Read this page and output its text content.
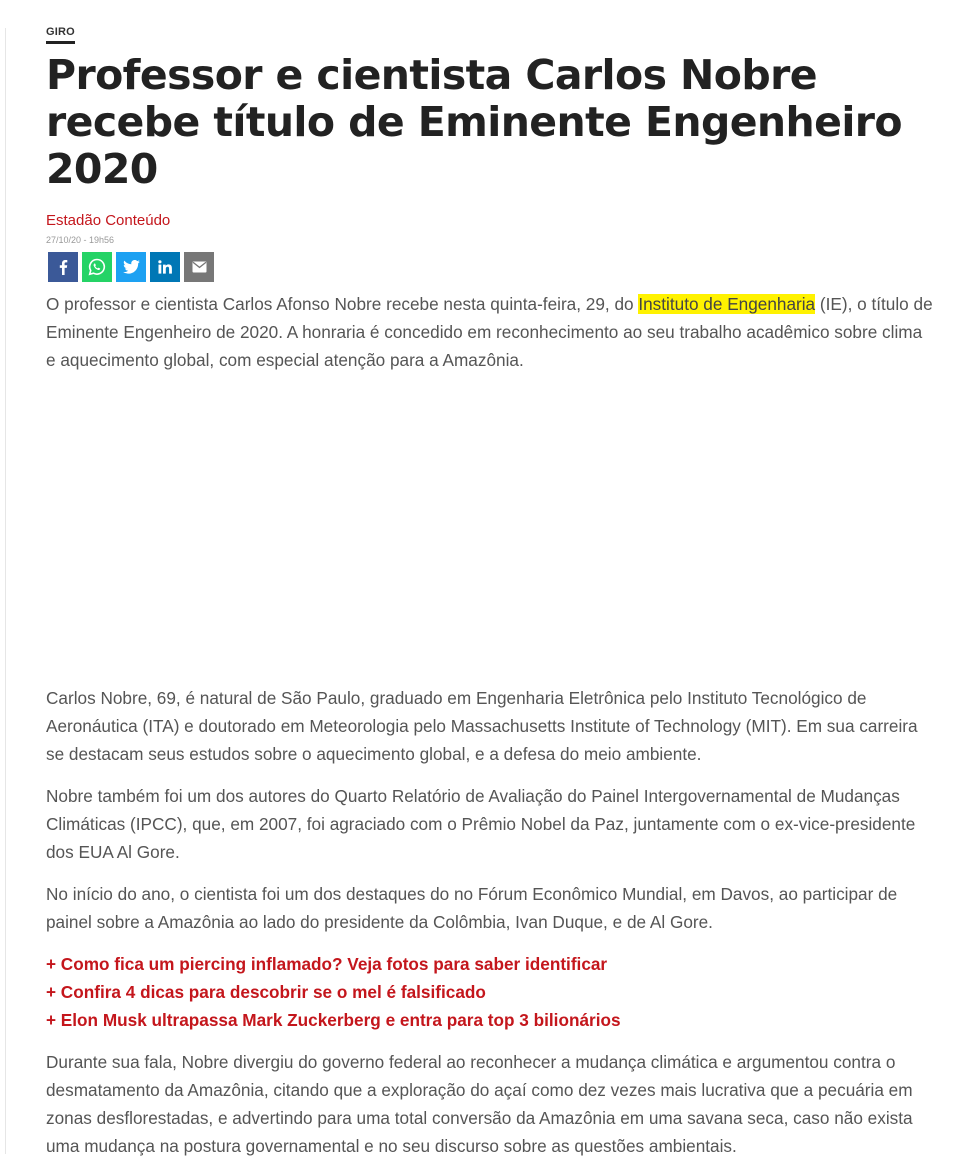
GIRO
Professor e cientista Carlos Nobre recebe título de Eminente Engenheiro 2020
Estadão Conteúdo
27/10/20 - 19h56

O professor e cientista Carlos Afonso Nobre recebe nesta quinta-feira, 29, do Instituto de Engenharia (IE), o título de Eminente Engenheiro de 2020. A honraria é concedido em reconhecimento ao seu trabalho acadêmico sobre clima e aquecimento global, com especial atenção para a Amazônia.

Carlos Nobre, 69, é natural de São Paulo, graduado em Engenharia Eletrônica pelo Instituto Tecnológico de Aeronáutica (ITA) e doutorado em Meteorologia pelo Massachusetts Institute of Technology (MIT). Em sua carreira se destacam seus estudos sobre o aquecimento global, e a defesa do meio ambiente.

Nobre também foi um dos autores do Quarto Relatório de Avaliação do Painel Intergovernamental de Mudanças Climáticas (IPCC), que, em 2007, foi agraciado com o Prêmio Nobel da Paz, juntamente com o ex-vice-presidente dos EUA Al Gore.

No início do ano, o cientista foi um dos destaques do no Fórum Econômico Mundial, em Davos, ao participar de painel sobre a Amazônia ao lado do presidente da Colômbia, Ivan Duque, e de Al Gore.

+ Como fica um piercing inflamado? Veja fotos para saber identificar
+ Confira 4 dicas para descobrir se o mel é falsificado
+ Elon Musk ultrapassa Mark Zuckerberg e entra para top 3 bilionários

Durante sua fala, Nobre divergiu do governo federal ao reconhecer a mudança climática e argumentou contra o desmatamento da Amazônia, citando que a exploração do açaí como dez vezes mais lucrativa que a pecuária em zonas desflorestadas, e advertindo para uma total conversão da Amazônia em uma savana seca, caso não exista uma mudança na postura governamental e no seu discurso sobre as questões ambientais.
